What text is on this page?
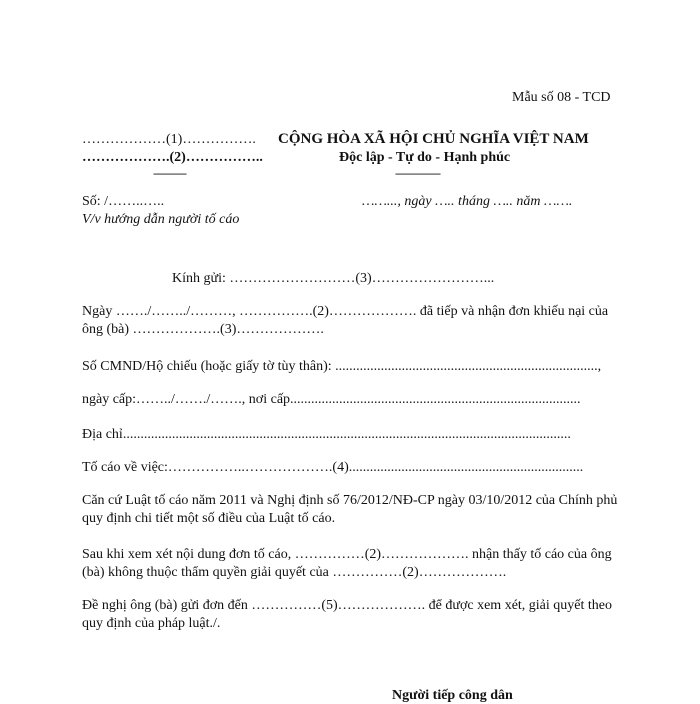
Mẫu số 08 - TCD
………………(1)…………….
……………….(2)……………..
-----------
CỘNG HÒA XÃ HỘI CHỦ NGHĨA VIỆT NAM
Độc lập - Tự do - Hạnh phúc
---------------
Số: /……..…..	……..., ngày ….. tháng ….. năm …….
V/v hướng dẫn người tố cáo
Kính gửi: ………………………(3)……………………...
Ngày ……./……../………, …………….(2)………………. đã tiếp và nhận đơn khiếu nại của ông (bà) ……………….(3)……………….
Số CMND/Hộ chiếu (hoặc giấy tờ tùy thân): ...........................................................................,
ngày cấp:……../……./……., nơi cấp...................................................................................
Địa chỉ................................................................................................................................
Tố cáo về việc:……………..……………….(4)...................................................................
Căn cứ Luật tố cáo năm 2011 và Nghị định số 76/2012/NĐ-CP ngày 03/10/2012 của Chính phủ quy định chi tiết một số điều của Luật tố cáo.
Sau khi xem xét nội dung đơn tố cáo, ……………(2)………………. nhận thấy tố cáo của ông (bà) không thuộc thẩm quyền giải quyết của ……………(2)……………….
Đề nghị ông (bà) gửi đơn đến ……………(5)………………. để được xem xét, giải quyết theo quy định của pháp luật./.
Người tiếp công dân
